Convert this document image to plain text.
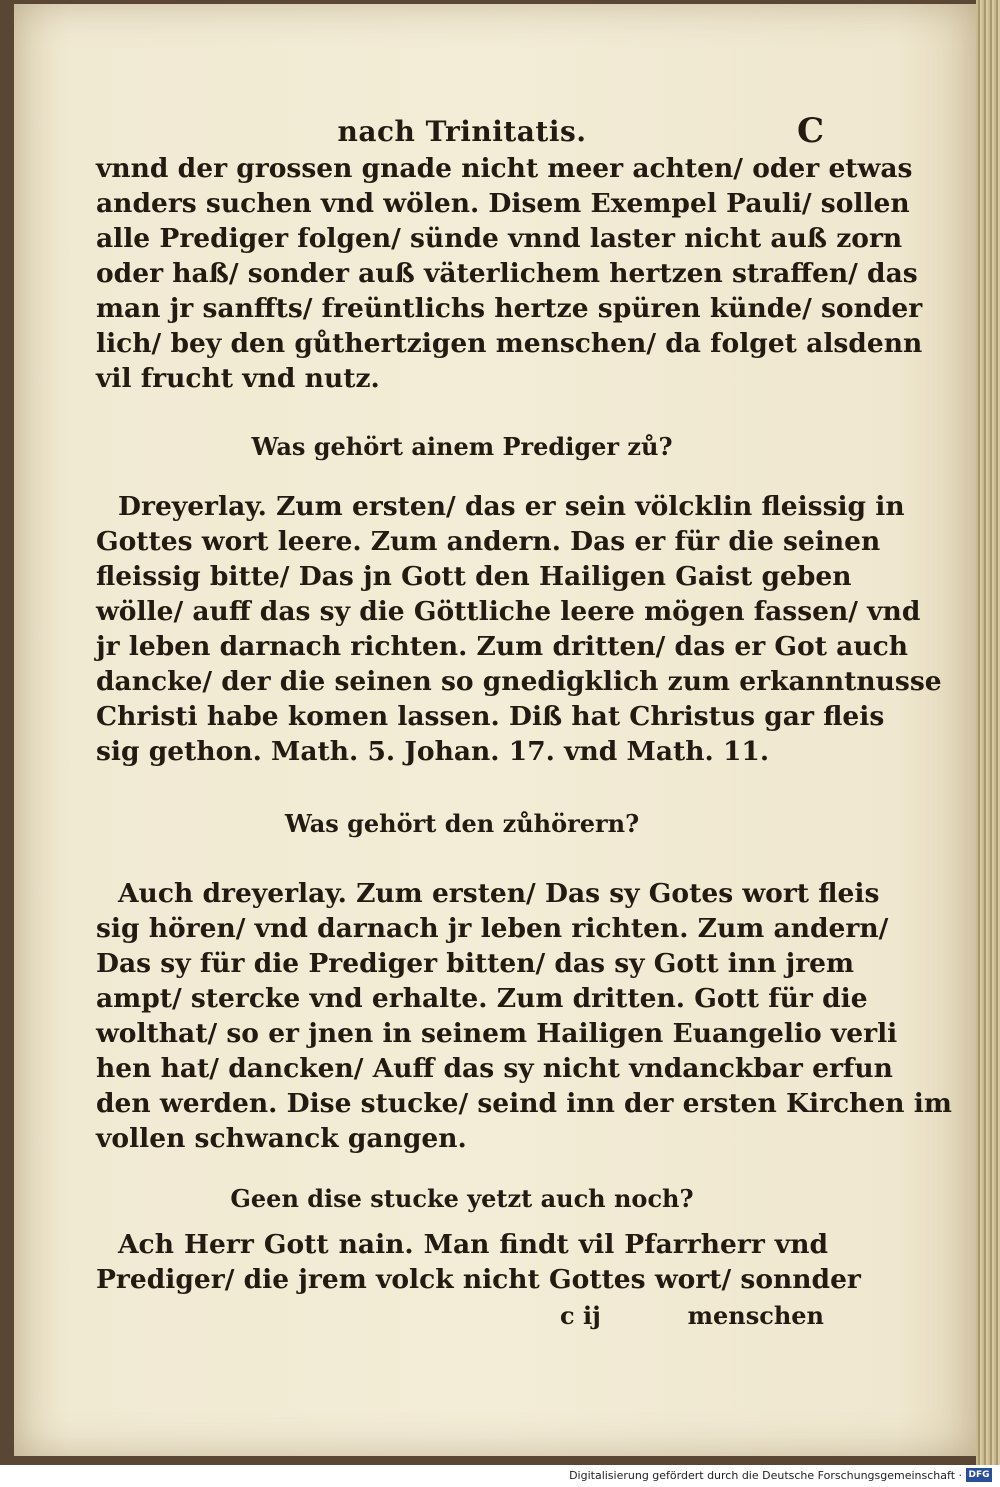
nach Trinitatis.	C

vnnd der grossen gnade nicht meer achten/ oder etwas
anders suchen vnd wölen. Disem Exempel Pauli/ sollen
alle Prediger folgen/ sünde vnnd laster nicht auß zorn
oder haß/ sonder auß väterlichem hertzen straffen/ das
man jr sanffts/ freüntlichs hertze spüren künde/ sonder
lich/ bey den gůthertzigen menschen/ da folget alsdenn
vil frucht vnd nutz.

Was gehört ainem Prediger zů?

Dreyerlay. Zum ersten/ das er sein völcklin fleissig in
Gottes wort leere. Zum andern. Das er für die seinen
fleissig bitte/ Das jn Gott den Hailigen Gaist geben
wölle/ auff das sy die Göttliche leere mögen fassen/ vnd
jr leben darnach richten. Zum dritten/ das er Got auch
dancke/ der die seinen so gnedigklich zum erkanntnusse
Christi habe komen lassen. Diß hat Christus gar fleis
sig gethon. Math. 5. Johan. 17. vnd Math. 11.

Was gehört den zůhörern?

Auch dreyerlay. Zum ersten/ Das sy Gotes wort fleis
sig hören/ vnd darnach jr leben richten. Zum andern/
Das sy für die Prediger bitten/ das sy Gott inn jrem
ampt/ stercke vnd erhalte. Zum dritten. Gott für die
wolthat/ so er jnen in seinem Hailigen Euangelio verli
hen hat/ dancken/ Auff das sy nicht vndanckbar erfun
den werden. Dise stucke/ seind inn der ersten Kirchen im
vollen schwanck gangen.

Geen dise stucke yetzt auch noch?

Ach Herr Gott nain. Man findt vil Pfarrherr vnd
Prediger/ die jrem volck nicht Gottes wort/ sonnder

c ij	menschen
Digitalisierung gefördert durch die Deutsche Forschungsgemeinschaft · DFG
